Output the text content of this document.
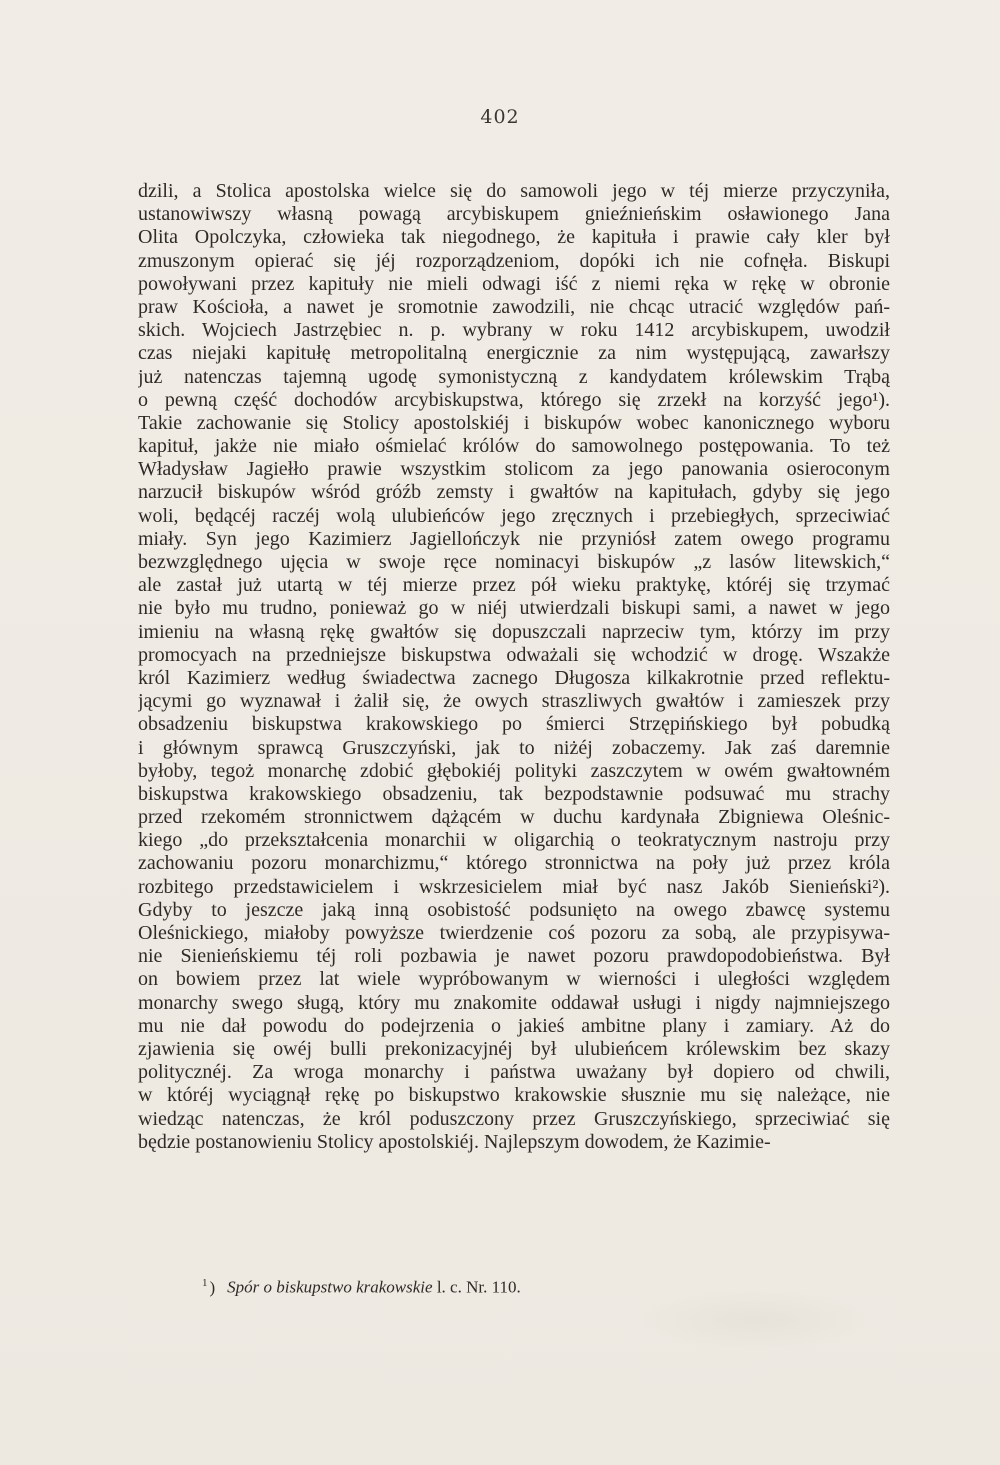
402
dzili, a Stolica apostolska wielce się do samowoli jego w téj mierze przyczyniła,
ustanowiwszy własną powagą arcybiskupem gnieźnieńskim osławionego Jana
Olita Opolczyka, człowieka tak niegodnego, że kapituła i prawie cały kler był
zmuszonym opierać się jéj rozporządzeniom, dopóki ich nie cofnęła. Biskupi
powoływani przez kapituły nie mieli odwagi iść z niemi ręka w rękę w obronie
praw Kościoła, a nawet je sromotnie zawodzili, nie chcąc utracić względów pań-
skich. Wojciech Jastrzębiec n. p. wybrany w roku 1412 arcybiskupem, uwodził
czas niejaki kapitułę metropolitalną energicznie za nim występującą, zawarłszy
już natenczas tajemną ugodę symonistyczną z kandydatem królewskim Trąbą
o pewną część dochodów arcybiskupstwa, którego się zrzekł na korzyść jego¹).
Takie zachowanie się Stolicy apostolskiéj i biskupów wobec kanonicznego wyboru
kapituł, jakże nie miało ośmielać królów do samowolnego postępowania. To też
Władysław Jagiełło prawie wszystkim stolicom za jego panowania osieroconym
narzucił biskupów wśród gróźb zemsty i gwałtów na kapitułach, gdyby się jego
woli, będącéj raczéj wolą ulubieńców jego zręcznych i przebiegłych, sprzeciwiać
miały. Syn jego Kazimierz Jagiellończyk nie przyniósł zatem owego programu
bezwzględnego ujęcia w swoje ręce nominacyi biskupów „z lasów litewskich,“
ale zastał już utartą w téj mierze przez pół wieku praktykę, któréj się trzymać
nie było mu trudno, ponieważ go w niéj utwierdzali biskupi sami, a nawet w jego
imieniu na własną rękę gwałtów się dopuszczali naprzeciw tym, którzy im przy
promocyach na przedniejsze biskupstwa odważali się wchodzić w drogę. Wszakże
król Kazimierz według świadectwa zacnego Długosza kilkakrotnie przed reflektu-
jącymi go wyznawał i żalił się, że owych straszliwych gwałtów i zamieszek przy
obsadzeniu biskupstwa krakowskiego po śmierci Strzępińskiego był pobudką
i głównym sprawcą Gruszczyński, jak to niżéj zobaczemy. Jak zaś daremnie
byłoby, tegoż monarchę zdobić głębokiéj polityki zaszczytem w owém gwałtowném
biskupstwa krakowskiego obsadzeniu, tak bezpodstawnie podsuwać mu strachy
przed rzekomém stronnictwem dążącém w duchu kardynała Zbigniewa Oleśnic-
kiego „do przekształcenia monarchii w oligarchią o teokratycznym nastroju przy
zachowaniu pozoru monarchizmu,“ którego stronnictwa na poły już przez króla
rozbitego przedstawicielem i wskrzesicielem miał być nasz Jakób Sienieński²).
Gdyby to jeszcze jaką inną osobistość podsunięto na owego zbawcę systemu
Oleśnickiego, miałoby powyższe twierdzenie coś pozoru za sobą, ale przypisywa-
nie Sienieńskiemu téj roli pozbawia je nawet pozoru prawdopodobieństwa. Był
on bowiem przez lat wiele wypróbowanym w wierności i uległości względem
monarchy swego sługą, który mu znakomite oddawał usługi i nigdy najmniejszego
mu nie dał powodu do podejrzenia o jakieś ambitne plany i zamiary. Aż do
zjawienia się owéj bulli prekonizacyjnéj był ulubieńcem królewskim bez skazy
politycznéj. Za wroga monarchy i państwa uważany był dopiero od chwili,
w któréj wyciągnął rękę po biskupstwo krakowskie słusznie mu się należące, nie
wiedząc natenczas, że król poduszczony przez Gruszczyńskiego, sprzeciwiać się
będzie postanowieniu Stolicy apostolskiéj. Najlepszym dowodem, że Kazimie-
$^1$ ) Spór o biskupstwo krakowskie l. c. Nr. 110.
